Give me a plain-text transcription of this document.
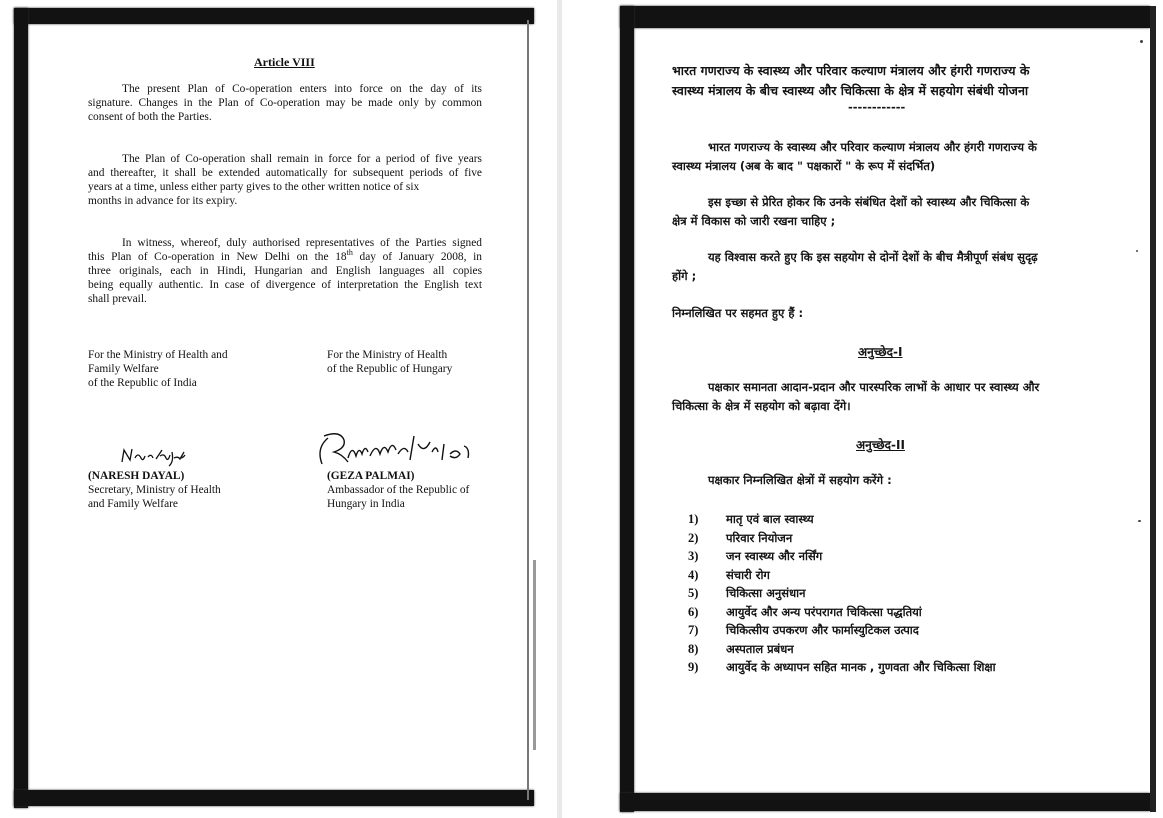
Article VIII
The present Plan of Co-operation enters into force on the day of its
signature. Changes in the Plan of Co-operation may be made only by common
consent of both the Parties.
The Plan of Co-operation shall remain in force for a period of five years
and thereafter, it shall be extended automatically for subsequent periods of five
years at a time, unless either party gives to the other written notice of six
months in advance for its expiry.
In witness, whereof, duly authorised representatives of the Parties signed
this Plan of Co-operation in New Delhi on the 18th day of January 2008, in
three originals, each in Hindi, Hungarian and English languages all copies
being equally authentic. In case of divergence of interpretation the English text
shall prevail.
For the Ministry of Health and
Family Welfare
of the Republic of India
For the Ministry of Health
of the Republic of Hungary
(NARESH DAYAL)
Secretary, Ministry of Health
and Family Welfare
(GEZA PALMAI)
Ambassador of the Republic of
Hungary in India
भारत गणराज्य के स्वास्थ्य और परिवार कल्याण मंत्रालय और हंगरी गणराज्य के
स्वास्थ्य मंत्रालय के बीच स्वास्थ्य और चिकित्सा के क्षेत्र में सहयोग संबंधी योजना
------------
भारत गणराज्य के स्वास्थ्य और परिवार कल्याण मंत्रालय और हंगरी गणराज्य के
स्वास्थ्य मंत्रालय (अब के बाद " पक्षकारों " के रूप में संदर्भित)
इस इच्छा से प्रेरित होकर कि उनके संबंधित देशों को स्वास्थ्य और चिकित्सा के
क्षेत्र में विकास को जारी रखना चाहिए ;
यह विश्वास करते हुए कि इस सहयोग से दोनों देशों के बीच मैत्रीपूर्ण संबंध सुदृढ़
होंगे ;
निम्नलिखित पर सहमत हुए हैं :
अनुच्छेद-I
पक्षकार समानता आदान-प्रदान और पारस्परिक लाभों के आधार पर स्वास्थ्य और
चिकित्सा के क्षेत्र में सहयोग को बढ़ावा देंगे।
अनुच्छेद-II
पक्षकार निम्नलिखित क्षेत्रों में सहयोग करेंगे :
1) मातृ एवं बाल स्वास्थ्य
2) परिवार नियोजन
3) जन स्वास्थ्य और नर्सिंग
4) संचारी रोग
5) चिकित्सा अनुसंधान
6) आयुर्वेद और अन्य परंपरागत चिकित्सा पद्धतियां
7) चिकित्सीय उपकरण और फार्मास्युटिकल उत्पाद
8) अस्पताल प्रबंधन
9) आयुर्वेद के अध्यापन सहित मानक , गुणवता और चिकित्सा शिक्षा
